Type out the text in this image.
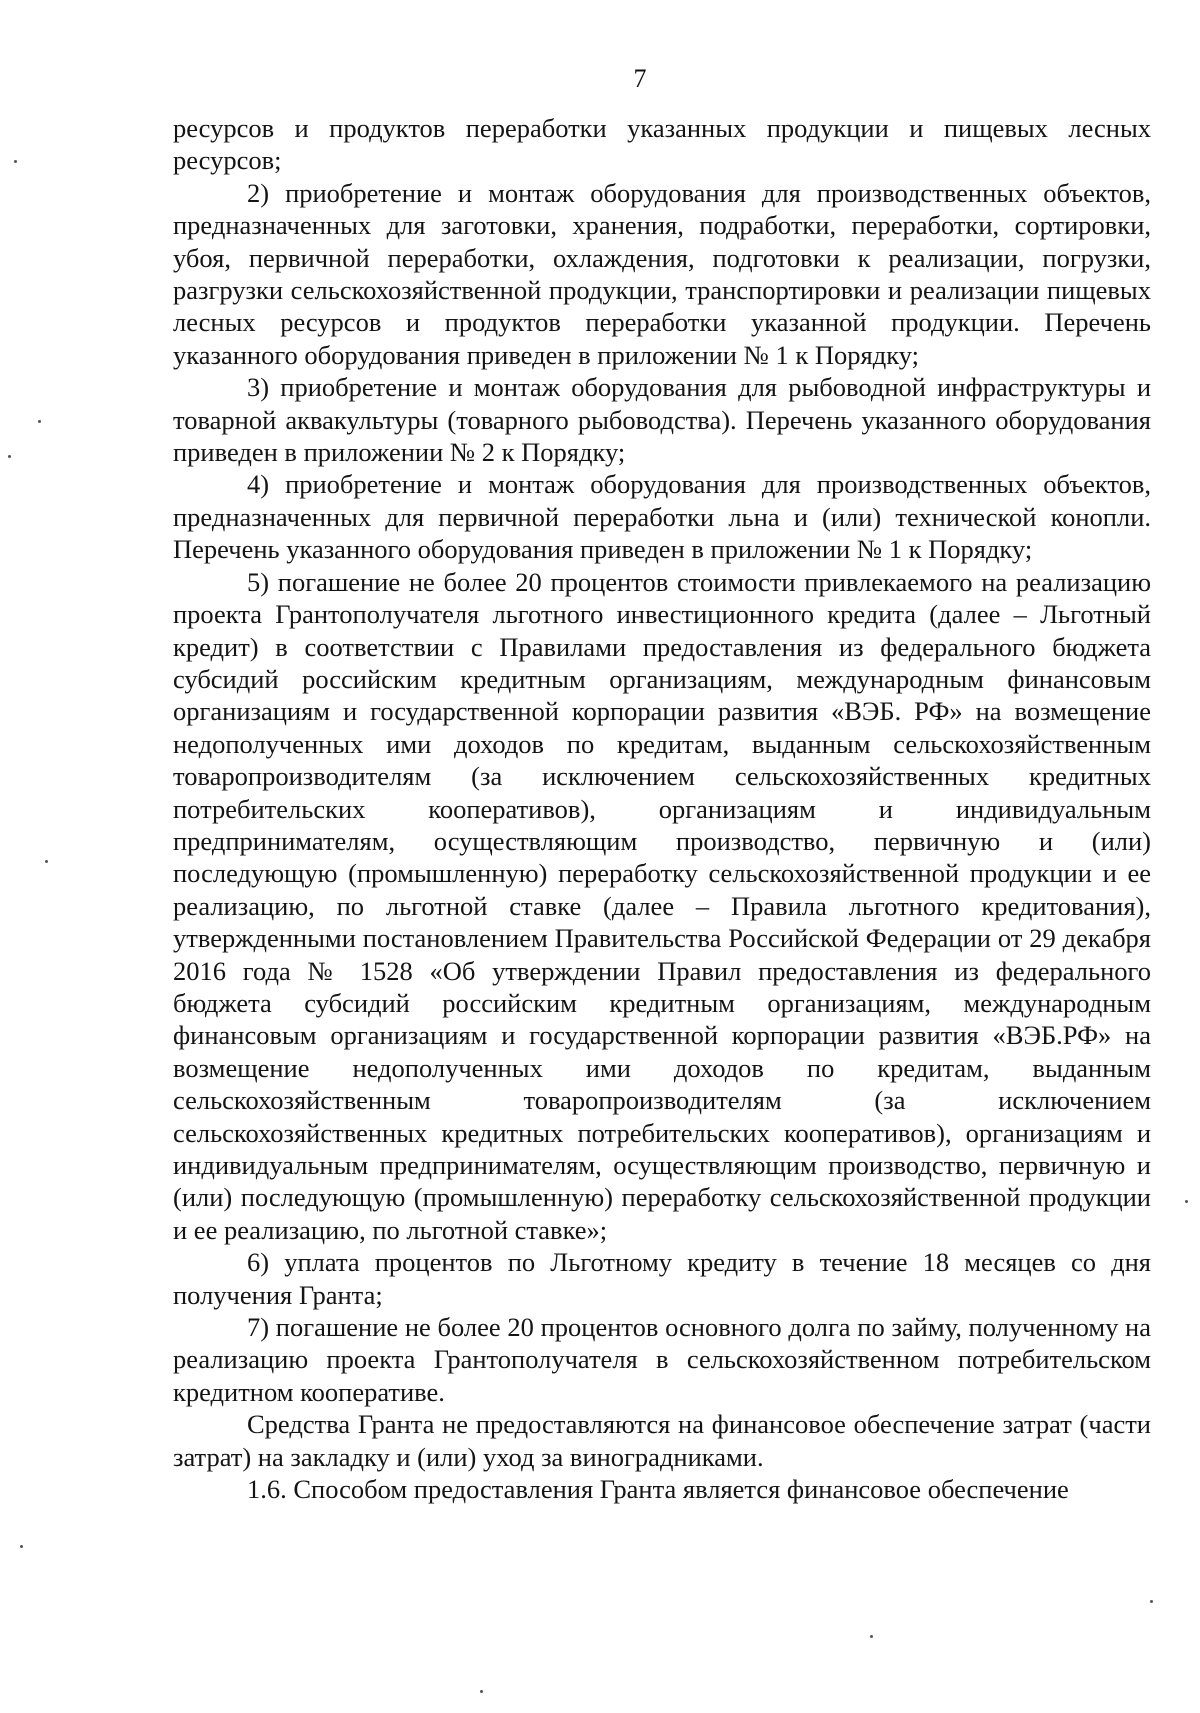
7

ресурсов и продуктов переработки указанных продукции и пищевых лесных ресурсов;

2) приобретение и монтаж оборудования для производственных объектов, предназначенных для заготовки, хранения, подработки, переработки, сортировки, убоя, первичной переработки, охлаждения, подготовки к реализации, погрузки, разгрузки сельскохозяйственной продукции, транспортировки и реализации пищевых лесных ресурсов и продуктов переработки указанной продукции. Перечень указанного оборудования приведен в приложении № 1 к Порядку;

3) приобретение и монтаж оборудования для рыбоводной инфраструктуры и товарной аквакультуры (товарного рыбоводства). Перечень указанного оборудования приведен в приложении № 2 к Порядку;

4) приобретение и монтаж оборудования для производственных объектов, предназначенных для первичной переработки льна и (или) технической конопли. Перечень указанного оборудования приведен в приложении № 1 к Порядку;

5) погашение не более 20 процентов стоимости привлекаемого на реализацию проекта Грантополучателя льготного инвестиционного кредита (далее – Льготный кредит) в соответствии с Правилами предоставления из федерального бюджета субсидий российским кредитным организациям, международным финансовым организациям и государственной корпорации развития «ВЭБ. РФ» на возмещение недополученных ими доходов по кредитам, выданным сельскохозяйственным товаропроизводителям (за исключением сельскохозяйственных кредитных потребительских кооперативов), организациям и индивидуальным предпринимателям, осуществляющим производство, первичную и (или) последующую (промышленную) переработку сельскохозяйственной продукции и ее реализацию, по льготной ставке (далее – Правила льготного кредитования), утвержденными постановлением Правительства Российской Федерации от 29 декабря 2016 года № 1528 «Об утверждении Правил предоставления из федерального бюджета субсидий российским кредитным организациям, международным финансовым организациям и государственной корпорации развития «ВЭБ.РФ» на возмещение недополученных ими доходов по кредитам, выданным сельскохозяйственным товаропроизводителям (за исключением сельскохозяйственных кредитных потребительских кооперативов), организациям и индивидуальным предпринимателям, осуществляющим производство, первичную и (или) последующую (промышленную) переработку сельскохозяйственной продукции и ее реализацию, по льготной ставке»;

6) уплата процентов по Льготному кредиту в течение 18 месяцев со дня получения Гранта;

7) погашение не более 20 процентов основного долга по займу, полученному на реализацию проекта Грантополучателя в сельскохозяйственном потребительском кредитном кооперативе.

Средства Гранта не предоставляются на финансовое обеспечение затрат (части затрат) на закладку и (или) уход за виноградниками.

1.6. Способом предоставления Гранта является финансовое обеспечение
